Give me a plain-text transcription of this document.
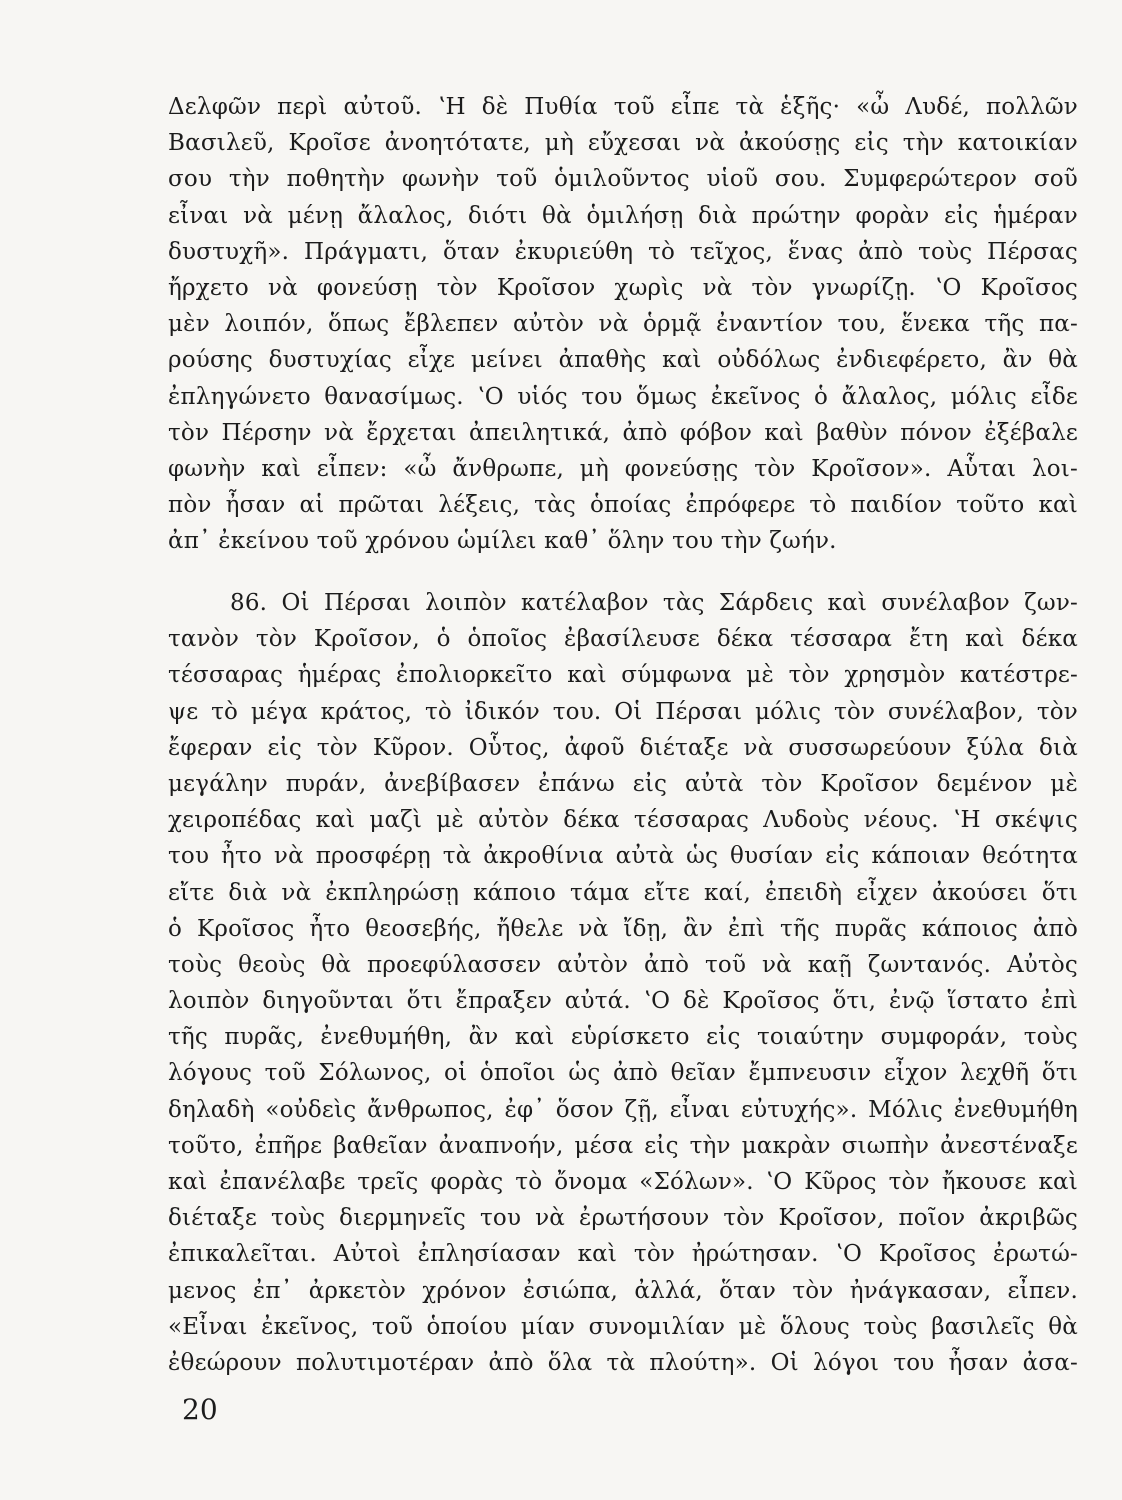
Δελφῶν περὶ αὐτοῦ. ʽΗ δὲ Πυθία τοῦ εἶπε τὰ ἑξῆς· «ὦ Λυδέ, πολλῶν
Βασιλεῦ, Κροῖσε ἀνοητότατε, μὴ εὔχεσαι νὰ ἀκούσῃς εἰς τὴν κατοικίαν
σου τὴν ποθητὴν φωνὴν τοῦ ὁμιλοῦντος υἱοῦ σου. Συμφερώτερον σοῦ
εἶναι νὰ μένῃ ἄλαλος, διότι θὰ ὁμιλήσῃ διὰ πρώτην φορὰν εἰς ἡμέραν
δυστυχῆ». Πράγματι, ὅταν ἐκυριεύθη τὸ τεῖχος, ἕνας ἀπὸ τοὺς Πέρσας
ἤρχετο νὰ φονεύσῃ τὸν Κροῖσον χωρὶς νὰ τὸν γνωρίζῃ. ʽΟ Κροῖσος
μὲν λοιπόν, ὅπως ἔβλεπεν αὐτὸν νὰ ὁρμᾷ ἐναντίον του, ἕνεκα τῆς πα-
ρούσης δυστυχίας εἶχε μείνει ἀπαθὴς καὶ οὐδόλως ἐνδιεφέρετο, ἂν θὰ
ἐπληγώνετο θανασίμως. ʽΟ υἱός του ὅμως ἐκεῖνος ὁ ἄλαλος, μόλις εἶδε
τὸν Πέρσην νὰ ἔρχεται ἀπειλητικά, ἀπὸ φόβον καὶ βαθὺν πόνον ἐξέβαλε
φωνὴν καὶ εἶπεν: «ὦ ἄνθρωπε, μὴ φονεύσῃς τὸν Κροῖσον». Αὗται λοι-
πὸν ἦσαν αἱ πρῶται λέξεις, τὰς ὁποίας ἐπρόφερε τὸ παιδίον τοῦτο καὶ
ἀπ᾽ ἐκείνου τοῦ χρόνου ὡμίλει καθ᾽ ὅλην του τὴν ζωήν.
86. Οἱ Πέρσαι λοιπὸν κατέλαβον τὰς Σάρδεις καὶ συνέλαβον ζων-
τανὸν τὸν Κροῖσον, ὁ ὁποῖος ἐβασίλευσε δέκα τέσσαρα ἔτη καὶ δέκα
τέσσαρας ἡμέρας ἐπολιορκεῖτο καὶ σύμφωνα μὲ τὸν χρησμὸν κατέστρε-
ψε τὸ μέγα κράτος, τὸ ἰδικόν του. Οἱ Πέρσαι μόλις τὸν συνέλαβον, τὸν
ἔφεραν εἰς τὸν Κῦρον. Οὗτος, ἀφοῦ διέταξε νὰ συσσωρεύουν ξύλα διὰ
μεγάλην πυράν, ἀνεβίβασεν ἐπάνω εἰς αὐτὰ τὸν Κροῖσον δεμένον μὲ
χειροπέδας καὶ μαζὶ μὲ αὐτὸν δέκα τέσσαρας Λυδοὺς νέους. ʽΗ σκέψις
του ἦτο νὰ προσφέρῃ τὰ ἀκροθίνια αὐτὰ ὡς θυσίαν εἰς κάποιαν θεότητα
εἴτε διὰ νὰ ἐκπληρώσῃ κάποιο τάμα εἴτε καί, ἐπειδὴ εἶχεν ἀκούσει ὅτι
ὁ Κροῖσος ἦτο θεοσεβής, ἤθελε νὰ ἴδῃ, ἂν ἐπὶ τῆς πυρᾶς κάποιος ἀπὸ
τοὺς θεοὺς θὰ προεφύλασσεν αὐτὸν ἀπὸ τοῦ νὰ καῇ ζωντανός. Αὐτὸς
λοιπὸν διηγοῦνται ὅτι ἔπραξεν αὐτά. ʽΟ δὲ Κροῖσος ὅτι, ἐνῷ ἵστατο ἐπὶ
τῆς πυρᾶς, ἐνεθυμήθη, ἂν καὶ εὑρίσκετο εἰς τοιαύτην συμφοράν, τοὺς
λόγους τοῦ Σόλωνος, οἱ ὁποῖοι ὡς ἀπὸ θεῖαν ἔμπνευσιν εἶχον λεχθῆ ὅτι
δηλαδὴ «οὐδεὶς ἄνθρωπος, ἐφ᾽ ὅσον ζῇ, εἶναι εὐτυχής». Μόλις ἐνεθυμήθη
τοῦτο, ἐπῆρε βαθεῖαν ἀναπνοήν, μέσα εἰς τὴν μακρὰν σιωπὴν ἀνεστέναξε
καὶ ἐπανέλαβε τρεῖς φορὰς τὸ ὄνομα «Σόλων». ʽΟ Κῦρος τὸν ἤκουσε καὶ
διέταξε τοὺς διερμηνεῖς του νὰ ἐρωτήσουν τὸν Κροῖσον, ποῖον ἀκριβῶς
ἐπικαλεῖται. Αὐτοὶ ἐπλησίασαν καὶ τὸν ἠρώτησαν. ʽΟ Κροῖσος ἐρωτώ-
μενος ἐπ᾽ ἀρκετὸν χρόνον ἐσιώπα, ἀλλά, ὅταν τὸν ἠνάγκασαν, εἶπεν.
«Εἶναι ἐκεῖνος, τοῦ ὁποίου μίαν συνομιλίαν μὲ ὅλους τοὺς βασιλεῖς θὰ
ἐθεώρουν πολυτιμοτέραν ἀπὸ ὅλα τὰ πλούτη». Οἱ λόγοι του ἦσαν ἀσα-
20
